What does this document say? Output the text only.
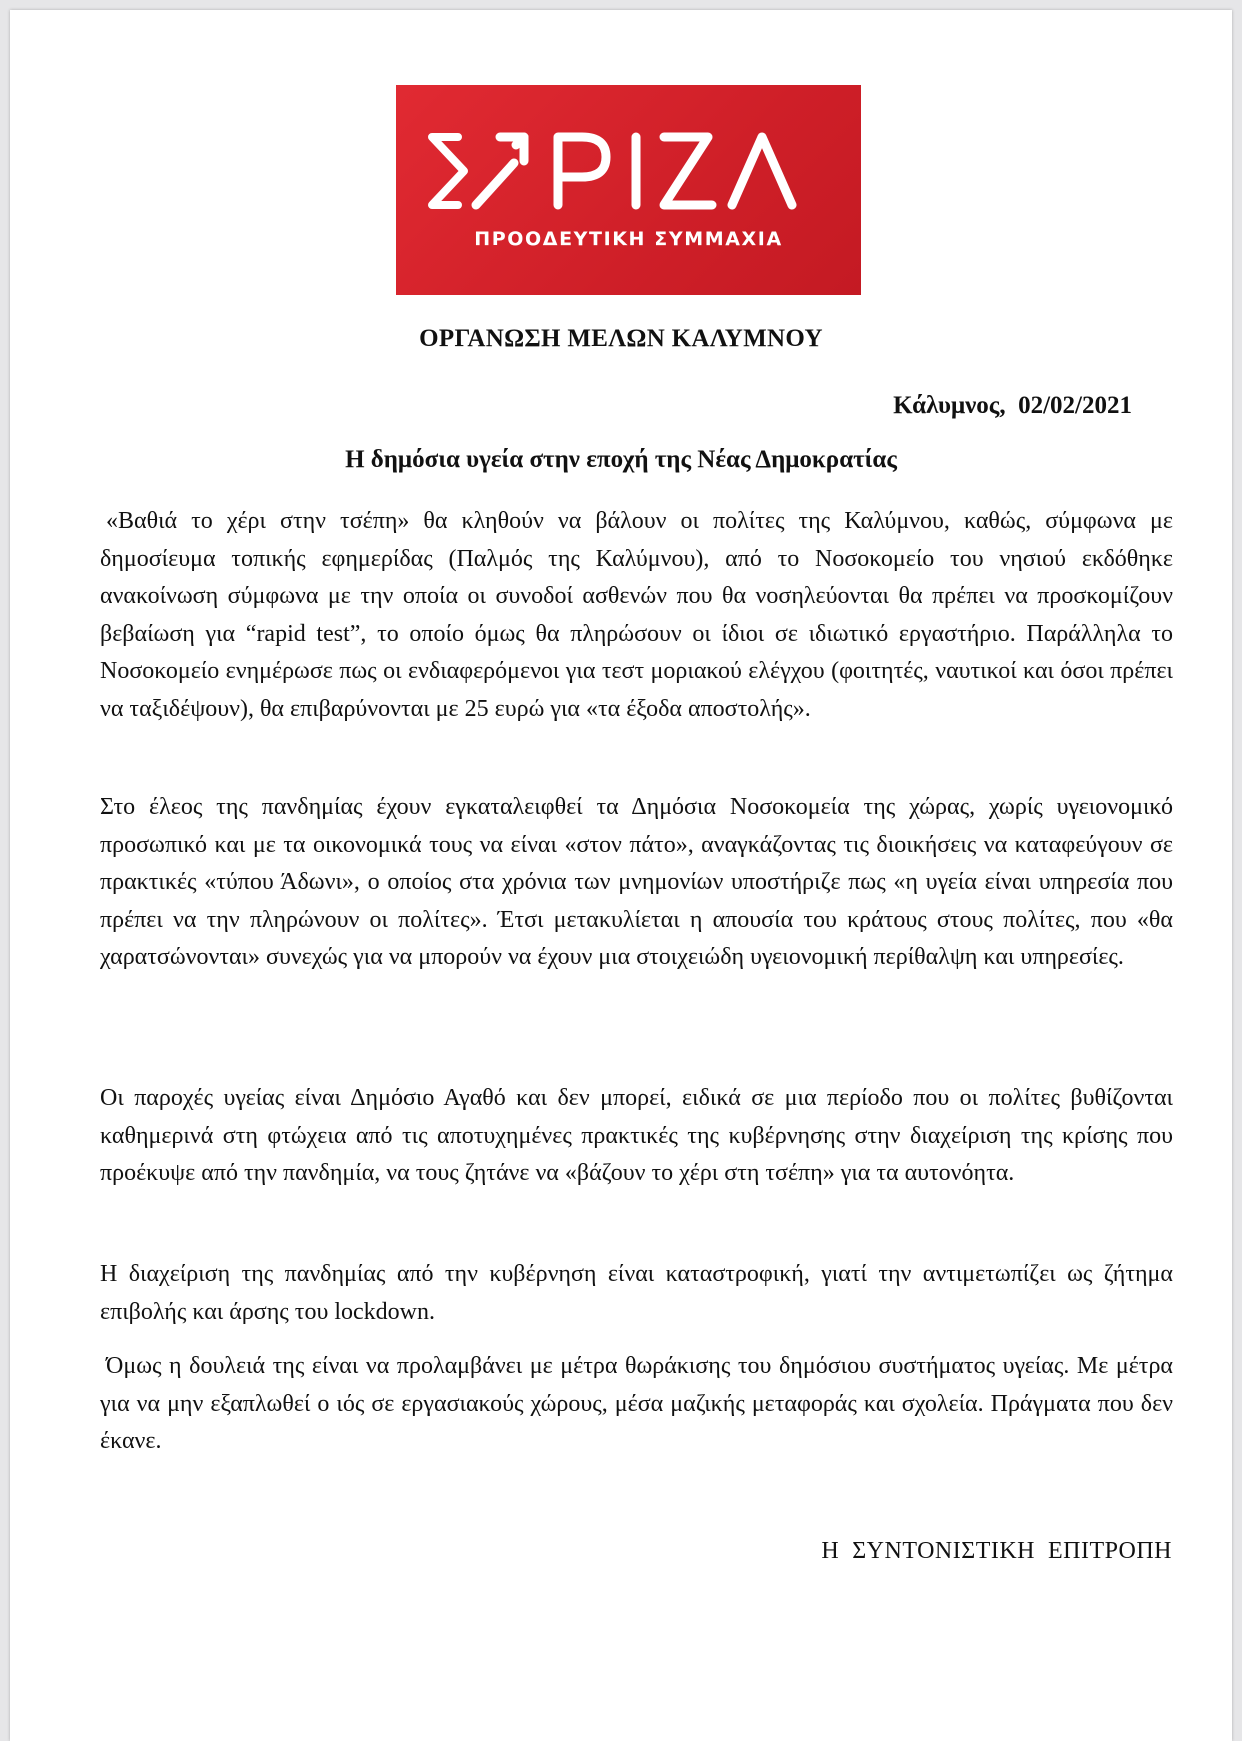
ΠΡΟΟΔΕΥΤΙΚΗ ΣΥΜΜΑΧΙΑ
ΟΡΓΑΝΩΣΗ ΜΕΛΩΝ ΚΑΛΥΜΝΟΥ
Κάλυμνος,  02/02/2021
Η δημόσια υγεία στην εποχή της Νέας Δημοκρατίας
«Βαθιά το χέρι στην τσέπη» θα κληθούν να βάλουν οι πολίτες της Καλύμνου, καθώς, σύμφωνα με δημοσίευμα τοπικής εφημερίδας (Παλμός της Καλύμνου), από το Νοσοκομείο του νησιού εκδόθηκε ανακοίνωση σύμφωνα με την οποία οι συνοδοί ασθενών που θα νοσηλεύονται θα πρέπει να προσκομίζουν βεβαίωση για “rapid test”, το οποίο όμως θα πληρώσουν οι ίδιοι σε ιδιωτικό εργαστήριο. Παράλληλα το Νοσοκομείο ενημέρωσε πως οι ενδιαφερόμενοι για τεστ μοριακού ελέγχου (φοιτητές, ναυτικοί και όσοι πρέπει να ταξιδέψουν), θα επιβαρύνονται με 25 ευρώ για «τα έξοδα αποστολής».
Στο έλεος της πανδημίας έχουν εγκαταλειφθεί τα Δημόσια Νοσοκομεία της χώρας, χωρίς υγειονομικό προσωπικό και με τα οικονομικά τους να είναι «στον πάτο», αναγκάζοντας τις διοικήσεις να καταφεύγουν σε πρακτικές «τύπου Άδωνι», ο οποίος στα χρόνια των μνημονίων υποστήριζε πως «η υγεία είναι υπηρεσία που πρέπει να την πληρώνουν οι πολίτες». Έτσι μετακυλίεται η απουσία του κράτους στους πολίτες, που «θα χαρατσώνονται» συνεχώς για να μπορούν να έχουν μια στοιχειώδη υγειονομική περίθαλψη και υπηρεσίες.
Οι παροχές υγείας είναι Δημόσιο Αγαθό και δεν μπορεί, ειδικά σε μια περίοδο που οι πολίτες βυθίζονται καθημερινά στη φτώχεια από τις αποτυχημένες πρακτικές της κυβέρνησης στην διαχείριση της κρίσης που προέκυψε από την πανδημία, να τους ζητάνε να «βάζουν το χέρι στη τσέπη» για τα αυτονόητα.
Η διαχείριση της πανδημίας από την κυβέρνηση είναι καταστροφική, γιατί την αντιμετωπίζει ως ζήτημα επιβολής και άρσης του lockdown.
Όμως η δουλειά της είναι να προλαμβάνει με μέτρα θωράκισης του δημόσιου συστήματος υγείας. Με μέτρα για να μην εξαπλωθεί ο ιός σε εργασιακούς χώρους, μέσα μαζικής μεταφοράς και σχολεία. Πράγματα που δεν έκανε.
Η  ΣΥΝΤΟΝΙΣΤΙΚΗ  ΕΠΙΤΡΟΠΗ
